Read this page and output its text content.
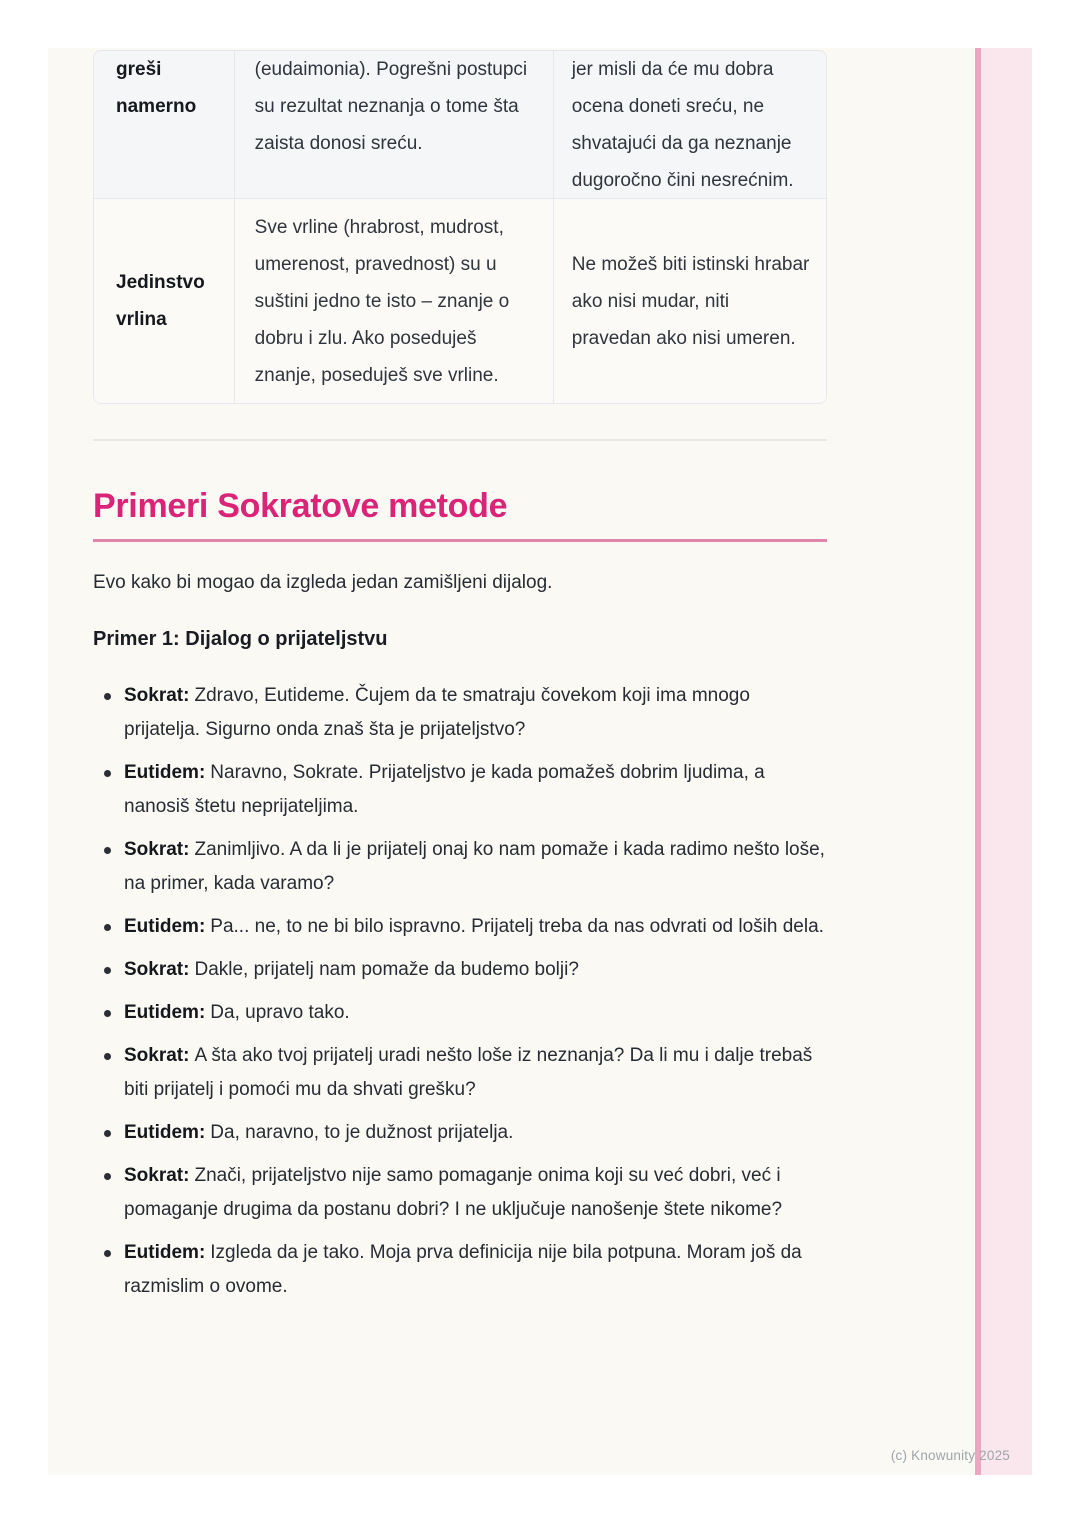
greši namerno
(eudaimonia). Pogrešni postupci su rezultat neznanja o tome šta zaista donosi sreću.
jer misli da će mu dobra ocena doneti sreću, ne shvatajući da ga neznanje dugoročno čini nesrećnim.
Jedinstvo vrlina
Sve vrline (hrabrost, mudrost, umerenost, pravednost) su u suštini jedno te isto – znanje o dobru i zlu. Ako poseduješ znanje, poseduješ sve vrline.
Ne možeš biti istinski hrabar ako nisi mudar, niti pravedan ako nisi umeren.
Primeri Sokratove metode

Evo kako bi mogao da izgleda jedan zamišljeni dijalog.

Primer 1: Dijalog o prijateljstvu
Sokrat: Zdravo, Eutideme. Čujem da te smatraju čovekom koji ima mnogo prijatelja. Sigurno onda znaš šta je prijateljstvo?
Eutidem: Naravno, Sokrate. Prijateljstvo je kada pomažeš dobrim ljudima, a nanosiš štetu neprijateljima.
Sokrat: Zanimljivo. A da li je prijatelj onaj ko nam pomaže i kada radimo nešto loše, na primer, kada varamo?
Eutidem: Pa... ne, to ne bi bilo ispravno. Prijatelj treba da nas odvrati od loših dela.
Sokrat: Dakle, prijatelj nam pomaže da budemo bolji?
Eutidem: Da, upravo tako.
Sokrat: A šta ako tvoj prijatelj uradi nešto loše iz neznanja? Da li mu i dalje trebaš biti prijatelj i pomoći mu da shvati grešku?
Eutidem: Da, naravno, to je dužnost prijatelja.
Sokrat: Znači, prijateljstvo nije samo pomaganje onima koji su već dobri, već i pomaganje drugima da postanu dobri? I ne uključuje nanošenje štete nikome?
Eutidem: Izgleda da je tako. Moja prva definicija nije bila potpuna. Moram još da razmislim o ovome.
(c) Knowunity 2025
